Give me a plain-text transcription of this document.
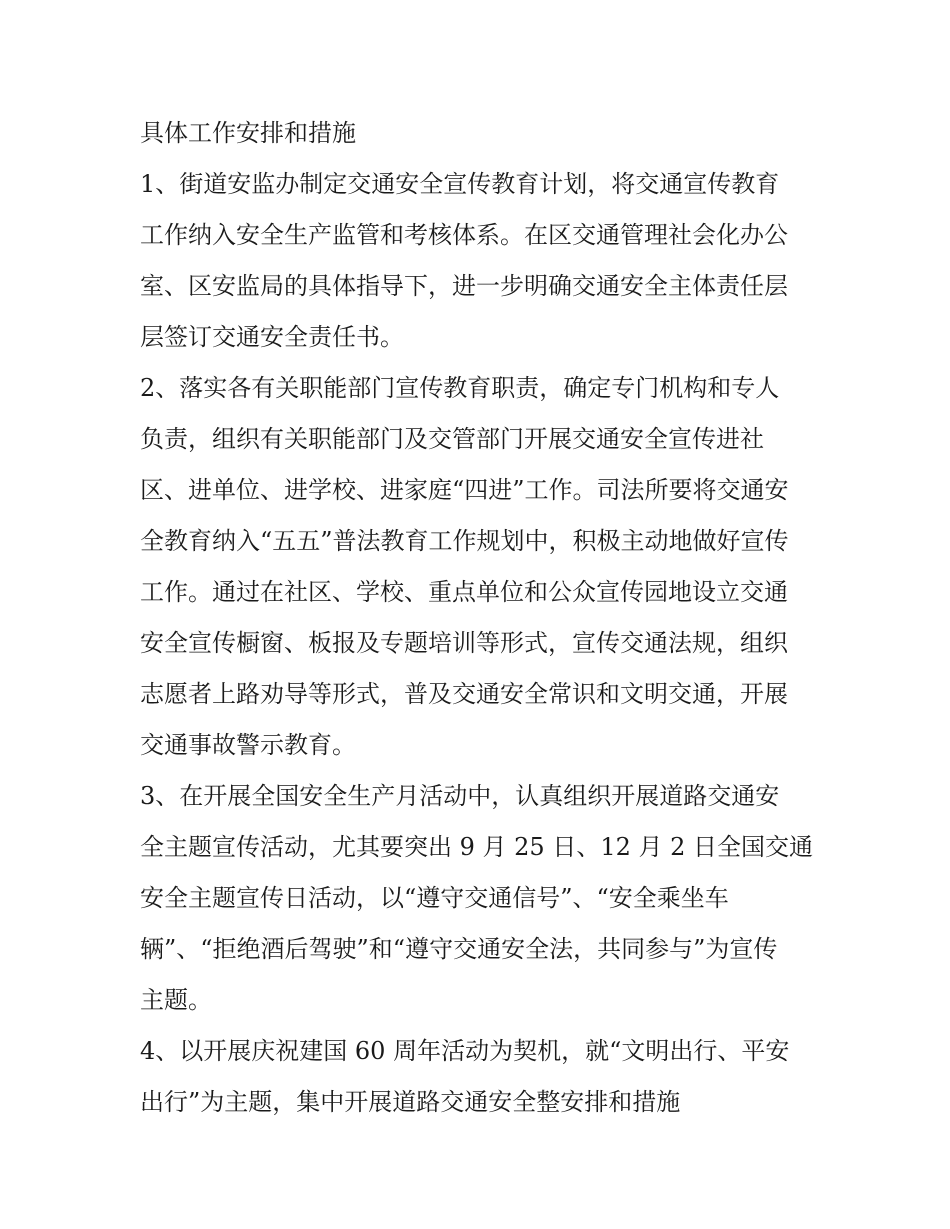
具体工作安排和措施
1、街道安监办制定交通安全宣传教育计划，将交通宣传教育
工作纳入安全生产监管和考核体系。在区交通管理社会化办公
室、区安监局的具体指导下，进一步明确交通安全主体责任层
层签订交通安全责任书。
2、落实各有关职能部门宣传教育职责，确定专门机构和专人
负责，组织有关职能部门及交管部门开展交通安全宣传进社
区、进单位、进学校、进家庭“四进”工作。司法所要将交通安
全教育纳入“五五”普法教育工作规划中，积极主动地做好宣传
工作。通过在社区、学校、重点单位和公众宣传园地设立交通
安全宣传橱窗、板报及专题培训等形式，宣传交通法规，组织
志愿者上路劝导等形式，普及交通安全常识和文明交通，开展
交通事故警示教育。
3、在开展全国安全生产月活动中，认真组织开展道路交通安
全主题宣传活动，尤其要突出 9 月 25 日、12 月 2 日全国交通
安全主题宣传日活动，以“遵守交通信号”、“安全乘坐车
辆”、“拒绝酒后驾驶”和“遵守交通安全法，共同参与”为宣传
主题。
4、以开展庆祝建国 60 周年活动为契机，就“文明出行、平安
出行”为主题，集中开展道路交通安全整安排和措施
